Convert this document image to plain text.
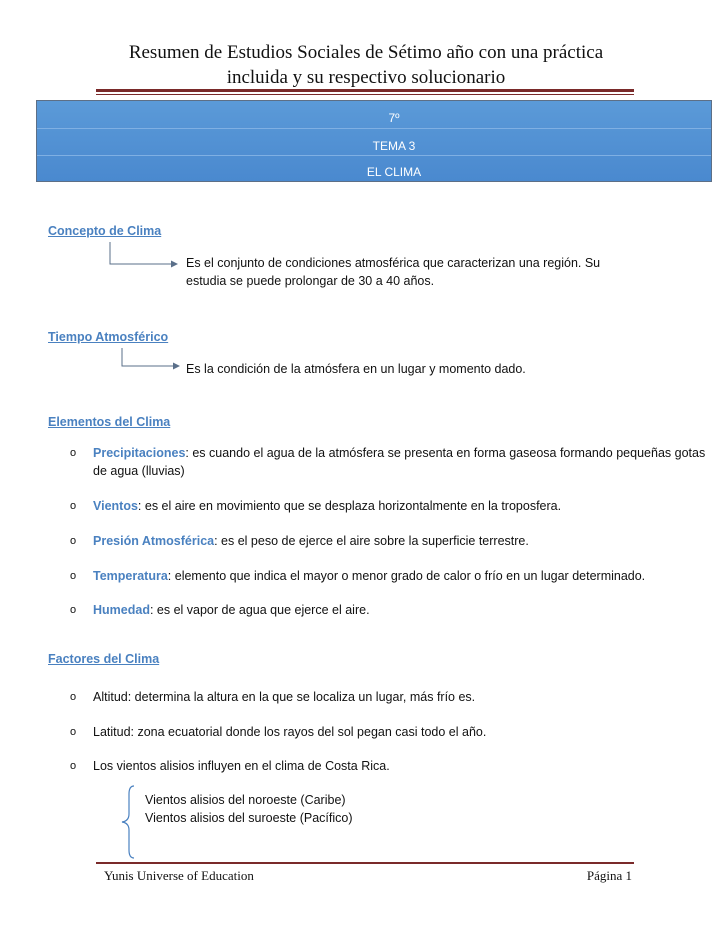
Resumen de Estudios Sociales de Sétimo año con una práctica
incluida y su respectivo solucionario
7º
TEMA 3
EL CLIMA
Concepto de Clima
Es el conjunto de condiciones atmosférica que caracterizan una región. Su
estudia se puede prolongar de 30 a 40 años.
Tiempo Atmosférico
Es la condición de la atmósfera en un lugar y momento dado.
Elementos del Clima
o Precipitaciones: es cuando el agua de la atmósfera se presenta en forma gaseosa formando pequeñas gotas de agua (lluvias)
o Vientos: es el aire en movimiento que se desplaza horizontalmente en la troposfera.
o Presión Atmosférica: es el peso de ejerce el aire sobre la superficie terrestre.
o Temperatura: elemento que indica el mayor o menor grado de calor o frío en un lugar determinado.
o Humedad: es el vapor de agua que ejerce el aire.
Factores del Clima
o Altitud: determina la altura en la que se localiza un lugar, más frío es.
o Latitud: zona ecuatorial donde los rayos del sol pegan casi todo el año.
o Los vientos alisios influyen en el clima de Costa Rica.
Vientos alisios del noroeste (Caribe)
Vientos alisios del suroeste (Pacífico)
Yunis Universe of Education	Página 1
